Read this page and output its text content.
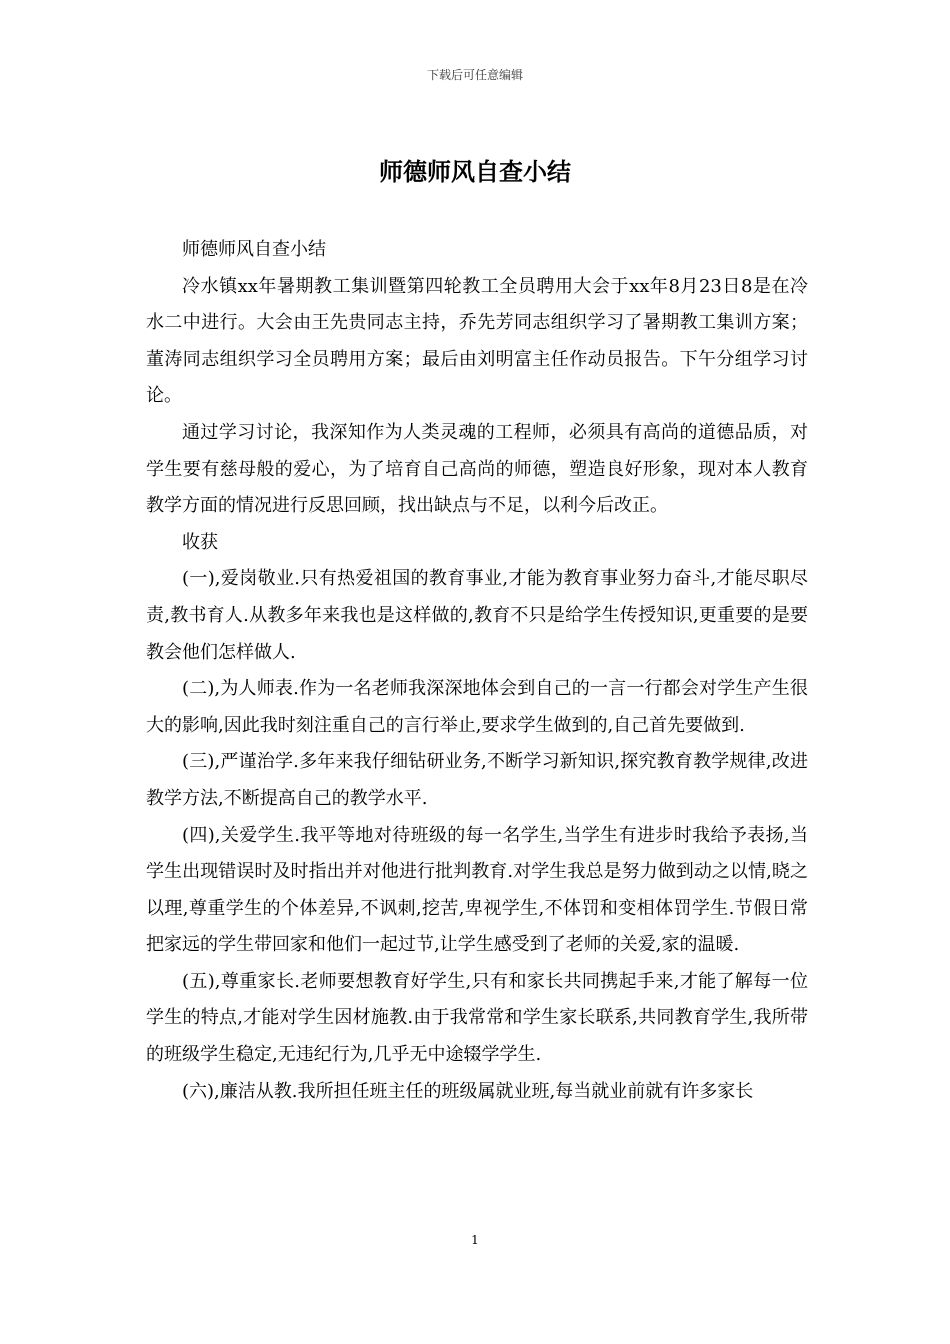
下载后可任意编辑
师德师风自查小结

师德师风自查小结

冷水镇xx年暑期教工集训暨第四轮教工全员聘用大会于xx年8月23日8是在冷水二中进行。大会由王先贵同志主持，乔先芳同志组织学习了暑期教工集训方案；董涛同志组织学习全员聘用方案；最后由刘明富主任作动员报告。下午分组学习讨论。

通过学习讨论，我深知作为人类灵魂的工程师，必须具有高尚的道德品质，对学生要有慈母般的爱心，为了培育自己高尚的师德，塑造良好形象，现对本人教育教学方面的情况进行反思回顾，找出缺点与不足，以利今后改正。

收获

(一),爱岗敬业.只有热爱祖国的教育事业,才能为教育事业努力奋斗,才能尽职尽责,教书育人.从教多年来我也是这样做的,教育不只是给学生传授知识,更重要的是要教会他们怎样做人.

(二),为人师表.作为一名老师我深深地体会到自己的一言一行都会对学生产生很大的影响,因此我时刻注重自己的言行举止,要求学生做到的,自己首先要做到.

(三),严谨治学.多年来我仔细钻研业务,不断学习新知识,探究教育教学规律,改进教学方法,不断提高自己的教学水平.

(四),关爱学生.我平等地对待班级的每一名学生,当学生有进步时我给予表扬,当学生出现错误时及时指出并对他进行批判教育.对学生我总是努力做到动之以情,晓之以理,尊重学生的个体差异,不讽刺,挖苦,卑视学生,不体罚和变相体罚学生.节假日常把家远的学生带回家和他们一起过节,让学生感受到了老师的关爱,家的温暖.

(五),尊重家长.老师要想教育好学生,只有和家长共同携起手来,才能了解每一位学生的特点,才能对学生因材施教.由于我常常和学生家长联系,共同教育学生,我所带的班级学生稳定,无违纪行为,几乎无中途辍学学生.

(六),廉洁从教.我所担任班主任的班级属就业班,每当就业前就有许多家长

1
